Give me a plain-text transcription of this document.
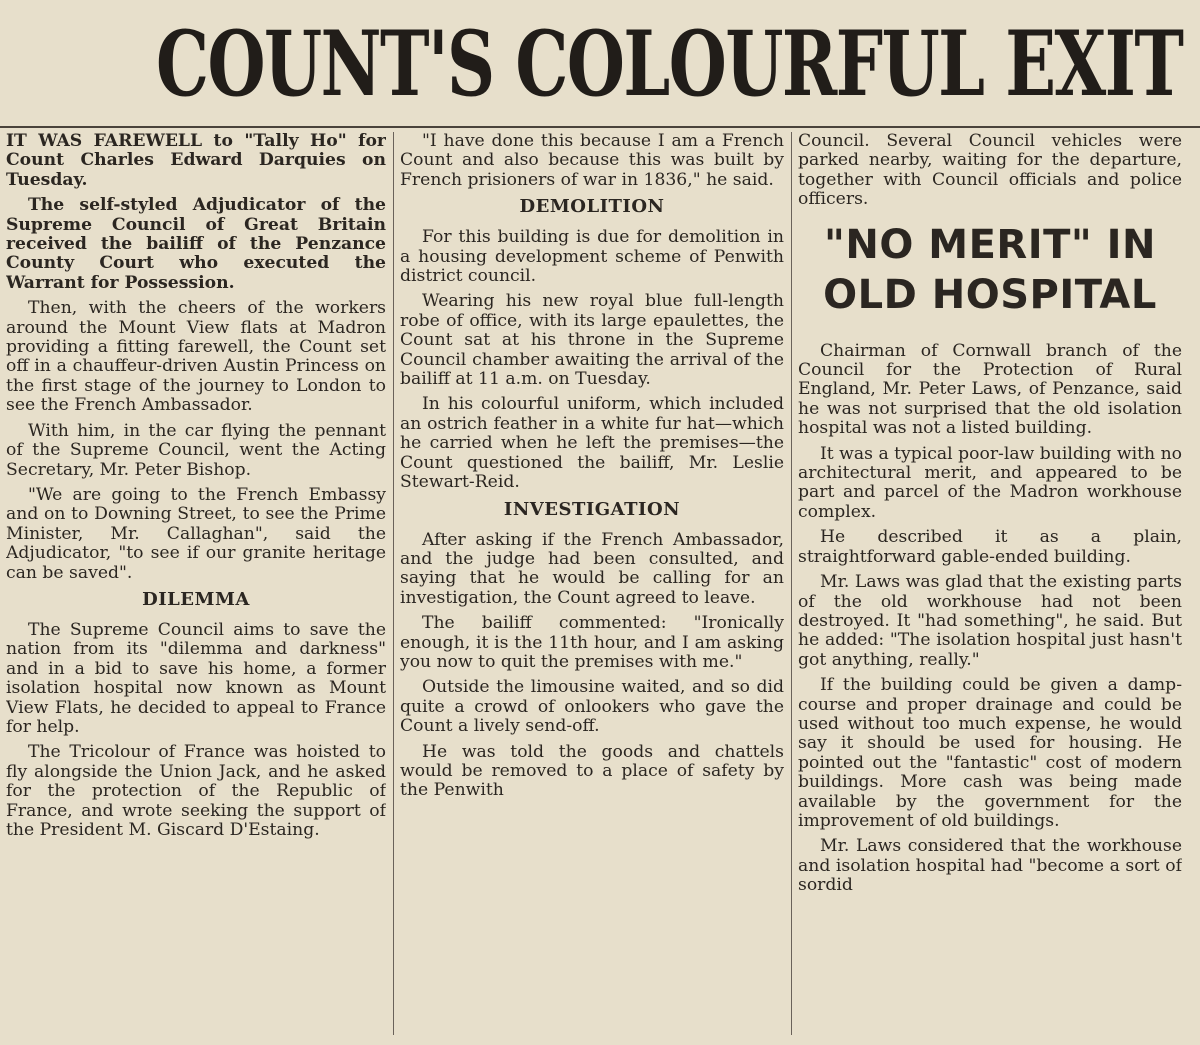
COUNT'S COLOURFUL EXIT

IT WAS FAREWELL to "Tally Ho" for Count Charles Edward Darquies on Tuesday.

The self-styled Adjudicator of the Supreme Council of Great Britain received the bailiff of the Penzance County Court who executed the Warrant for Possession.

Then, with the cheers of the workers around the Mount View flats at Madron providing a fitting farewell, the Count set off in a chauffeur-driven Austin Princess on the first stage of the journey to London to see the French Ambassador.

With him, in the car flying the pennant of the Supreme Council, went the Acting Secretary, Mr. Peter Bishop.

"We are going to the French Embassy and on to Downing Street, to see the Prime Minister, Mr. Callaghan", said the Adjudicator, "to see if our granite heritage can be saved".

DILEMMA

The Supreme Council aims to save the nation from its "dilemma and darkness" and in a bid to save his home, a former isolation hospital now known as Mount View Flats, he decided to appeal to France for help.

The Tricolour of France was hoisted to fly alongside the Union Jack, and he asked for the protection of the Republic of France, and wrote seeking the support of the President M. Giscard D'Estaing.

"I have done this because I am a French Count and also because this was built by French prisioners of war in 1836," he said.

DEMOLITION

For this building is due for demolition in a housing development scheme of Penwith district council.

Wearing his new royal blue full-length robe of office, with its large epaulettes, the Count sat at his throne in the Supreme Council chamber awaiting the arrival of the bailiff at 11 a.m. on Tuesday.

In his colourful uniform, which included an ostrich feather in a white fur hat—which he carried when he left the premises—the Count questioned the bailiff, Mr. Leslie Stewart-Reid.

INVESTIGATION

After asking if the French Ambassador, and the judge had been consulted, and saying that he would be calling for an investigation, the Count agreed to leave.

The bailiff commented: "Ironically enough, it is the 11th hour, and I am asking you now to quit the premises with me."

Outside the limousine waited, and so did quite a crowd of onlookers who gave the Count a lively send-off.

He was told the goods and chattels would be removed to a place of safety by the Penwith

Council. Several Council vehicles were parked nearby, waiting for the departure, together with Council officials and police officers.

"NO MERIT" IN OLD HOSPITAL

Chairman of Cornwall branch of the Council for the Protection of Rural England, Mr. Peter Laws, of Penzance, said he was not surprised that the old isolation hospital was not a listed building.

It was a typical poor-law building with no architectural merit, and appeared to be part and parcel of the Madron workhouse complex.

He described it as a plain, straightforward gable-ended building.

Mr. Laws was glad that the existing parts of the old workhouse had not been destroyed. It "had something", he said. But he added: "The isolation hospital just hasn't got anything, really."

If the building could be given a damp-course and proper drainage and could be used without too much expense, he would say it should be used for housing. He pointed out the "fantastic" cost of modern buildings. More cash was being made available by the government for the improvement of old buildings.

Mr. Laws considered that the workhouse and isolation hospital had "become a sort of sordid
